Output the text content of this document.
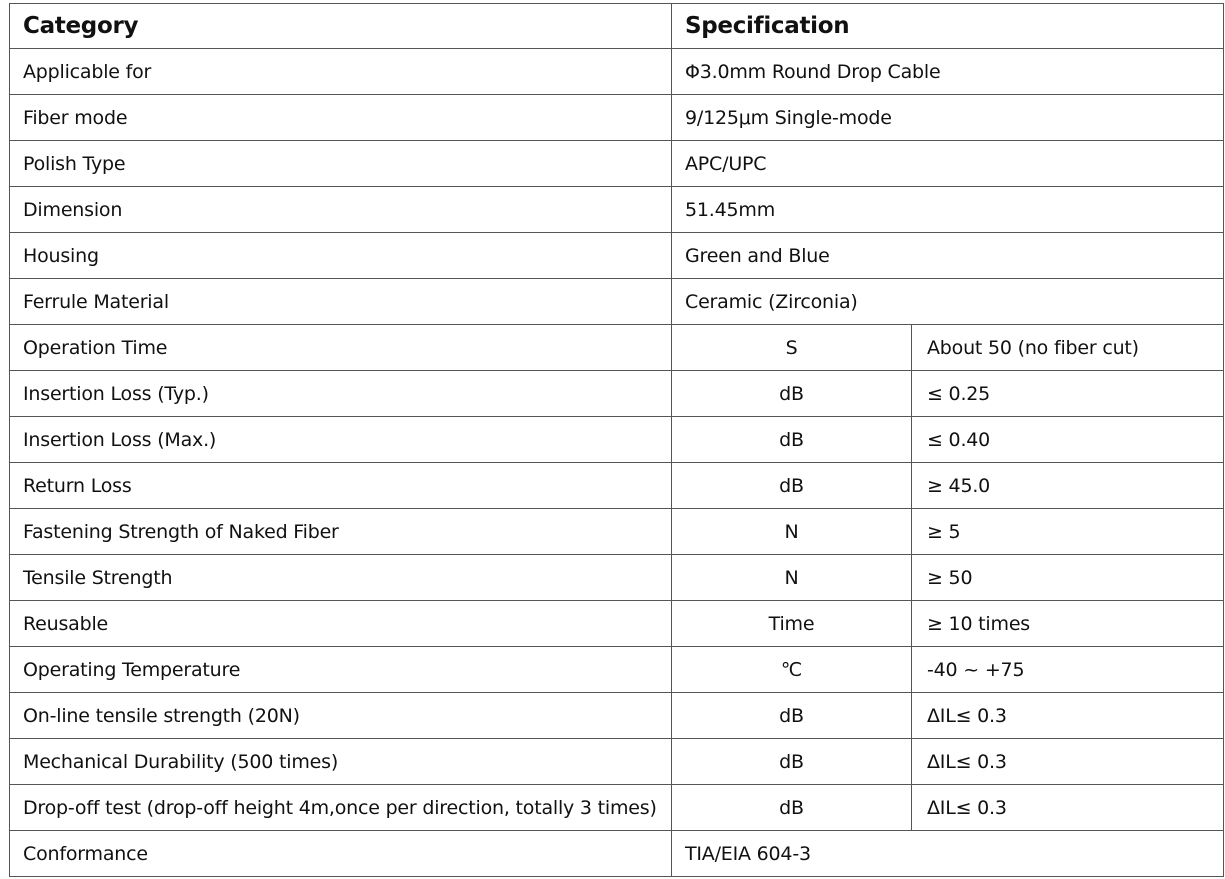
Category	Specification	
Applicable for	Φ3.0mm Round Drop Cable	
Fiber mode	9/125μm Single-mode	
Polish Type	APC/UPC	
Dimension	51.45mm	
Housing	Green and Blue	
Ferrule Material	Ceramic (Zirconia)	
Operation Time	S	About 50 (no fiber cut)
Insertion Loss (Typ.)	dB	≤ 0.25
Insertion Loss (Max.)	dB	≤ 0.40
Return Loss	dB	≥ 45.0
Fastening Strength of Naked Fiber	N	≥ 5
Tensile Strength	N	≥ 50
Reusable	Time	≥ 10 times
Operating Temperature	℃	-40 ~ +75
On-line tensile strength (20N)	dB	ΔIL≤ 0.3
Mechanical Durability (500 times)	dB	ΔIL≤ 0.3
Drop-off test (drop-off height 4m,once per direction, totally 3 times)	dB	ΔIL≤ 0.3
Conformance	TIA/EIA 604-3	
